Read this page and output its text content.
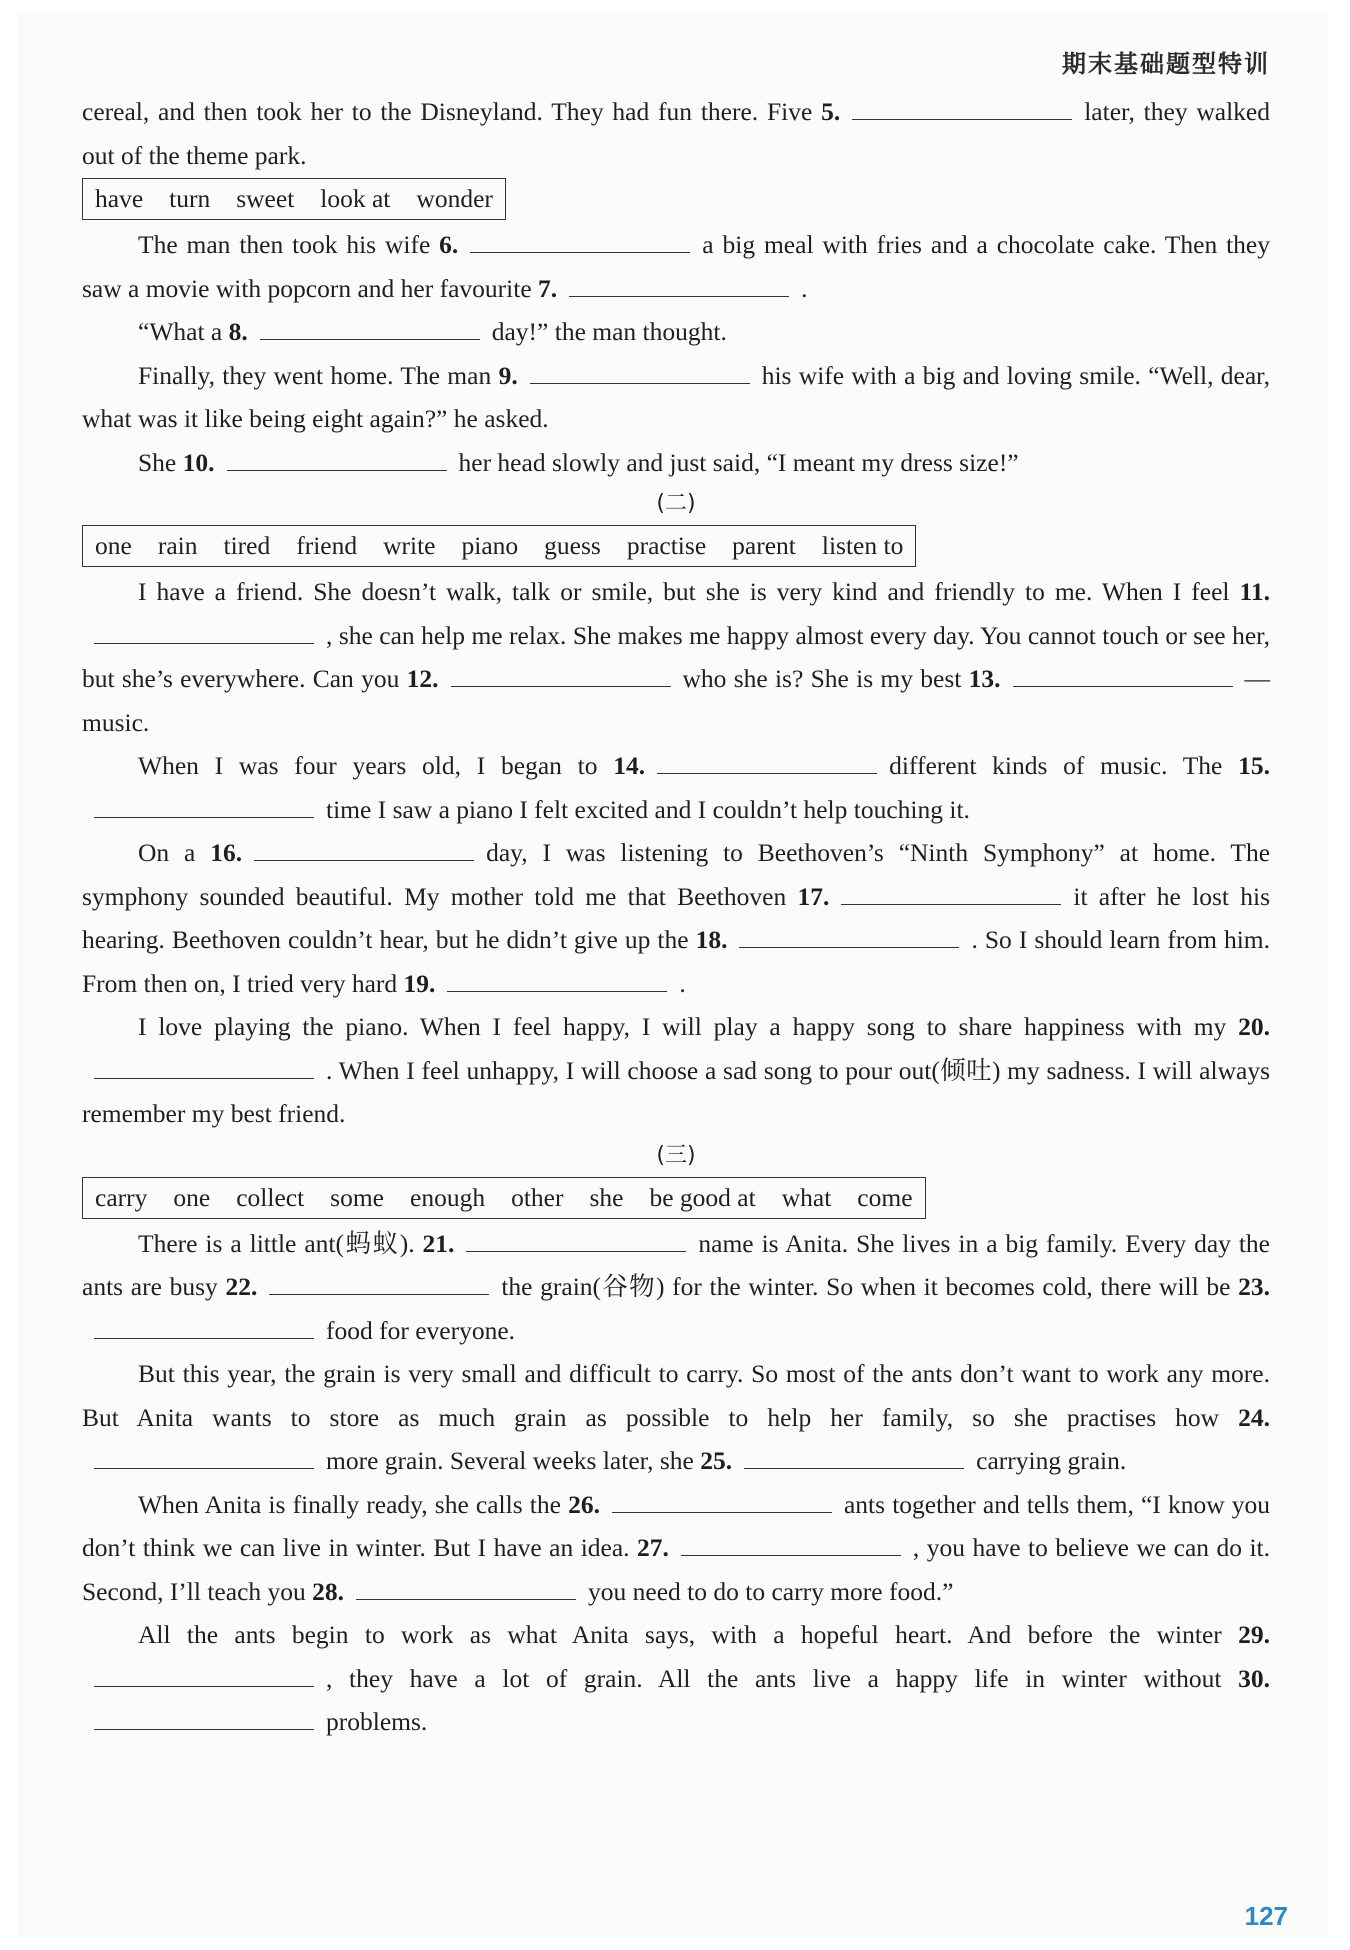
期末基础题型特训

cereal, and then took her to the Disneyland. They had fun there. Five 5.	later, they walked out of the theme park.

have turn sweet look at wonder

The man then took his wife 6.	a big meal with fries and a chocolate cake. Then they saw a movie with popcorn and her favourite 7.	.

“What a 8.	day!” the man thought.

Finally, they went home. The man 9.	his wife with a big and loving smile. “Well, dear, what was it like being eight again?” he asked.

She 10.	her head slowly and just said, “I meant my dress size!”

(二)
one rain tired friend write piano guess practise parent listen to

I have a friend. She doesn’t walk, talk or smile, but she is very kind and friendly to me. When I feel 11., she can help me relax. She makes me happy almost every day. You cannot touch or see her, but she’s everywhere. Can you 12.	who she is? She is my best 13.	—music.

When I was four years old, I began to 14.	different kinds of music. The 15.time I saw a piano I felt excited and I couldn’t help touching it.

On a 16.	day, I was listening to Beethoven’s “Ninth Symphony” at home. The symphony sounded beautiful. My mother told me that Beethoven 17.	it after he lost his hearing. Beethoven couldn’t hear, but he didn’t give up the 18.	. So I should learn from him. From then on, I tried very hard 19.	.

I love playing the piano. When I feel happy, I will play a happy song to share happiness with my 20.. When I feel unhappy, I will choose a sad song to pour out(倾吐) my sadness. I will always remember my best friend.

(三)
carry one collect some enough other she be good at what come

There is a little ant(蚂蚁). 21.	name is Anita. She lives in a big family. Every day the ants are busy 22.	the grain(谷物) for the winter. So when it becomes cold, there will be 23.food for everyone.

But this year, the grain is very small and difficult to carry. So most of the ants don’t want to work any more. But Anita wants to store as much grain as possible to help her family, so she practises how 24.more grain. Several weeks later, she 25.	carrying grain.

When Anita is finally ready, she calls the 26.	ants together and tells them, “I know you don’t think we can live in winter. But I have an idea. 27.	, you have to believe we can do it. Second, I’ll teach you 28.	you need to do to carry more food.”

All the ants begin to work as what Anita says, with a hopeful heart. And before the winter 29., they have a lot of grain. All the ants live a happy life in winter without 30.problems.

127
